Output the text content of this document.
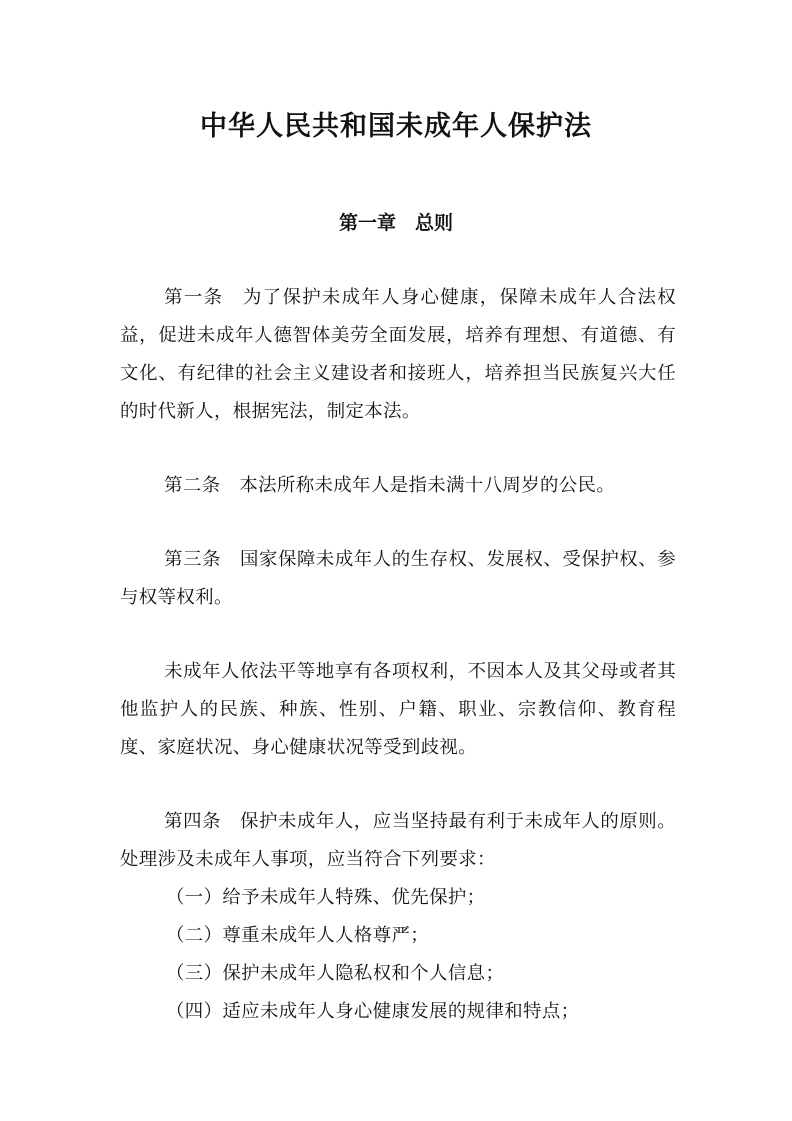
中华人民共和国未成年人保护法
第一章　总则

第一条　为了保护未成年人身心健康，保障未成年人合法权益，促进未成年人德智体美劳全面发展，培养有理想、有道德、有文化、有纪律的社会主义建设者和接班人，培养担当民族复兴大任的时代新人，根据宪法，制定本法。

第二条　本法所称未成年人是指未满十八周岁的公民。

第三条　国家保障未成年人的生存权、发展权、受保护权、参与权等权利。

未成年人依法平等地享有各项权利，不因本人及其父母或者其他监护人的民族、种族、性别、户籍、职业、宗教信仰、教育程度、家庭状况、身心健康状况等受到歧视。

第四条　保护未成年人，应当坚持最有利于未成年人的原则。处理涉及未成年人事项，应当符合下列要求：

（一）给予未成年人特殊、优先保护；

（二）尊重未成年人人格尊严；

（三）保护未成年人隐私权和个人信息；

（四）适应未成年人身心健康发展的规律和特点；
